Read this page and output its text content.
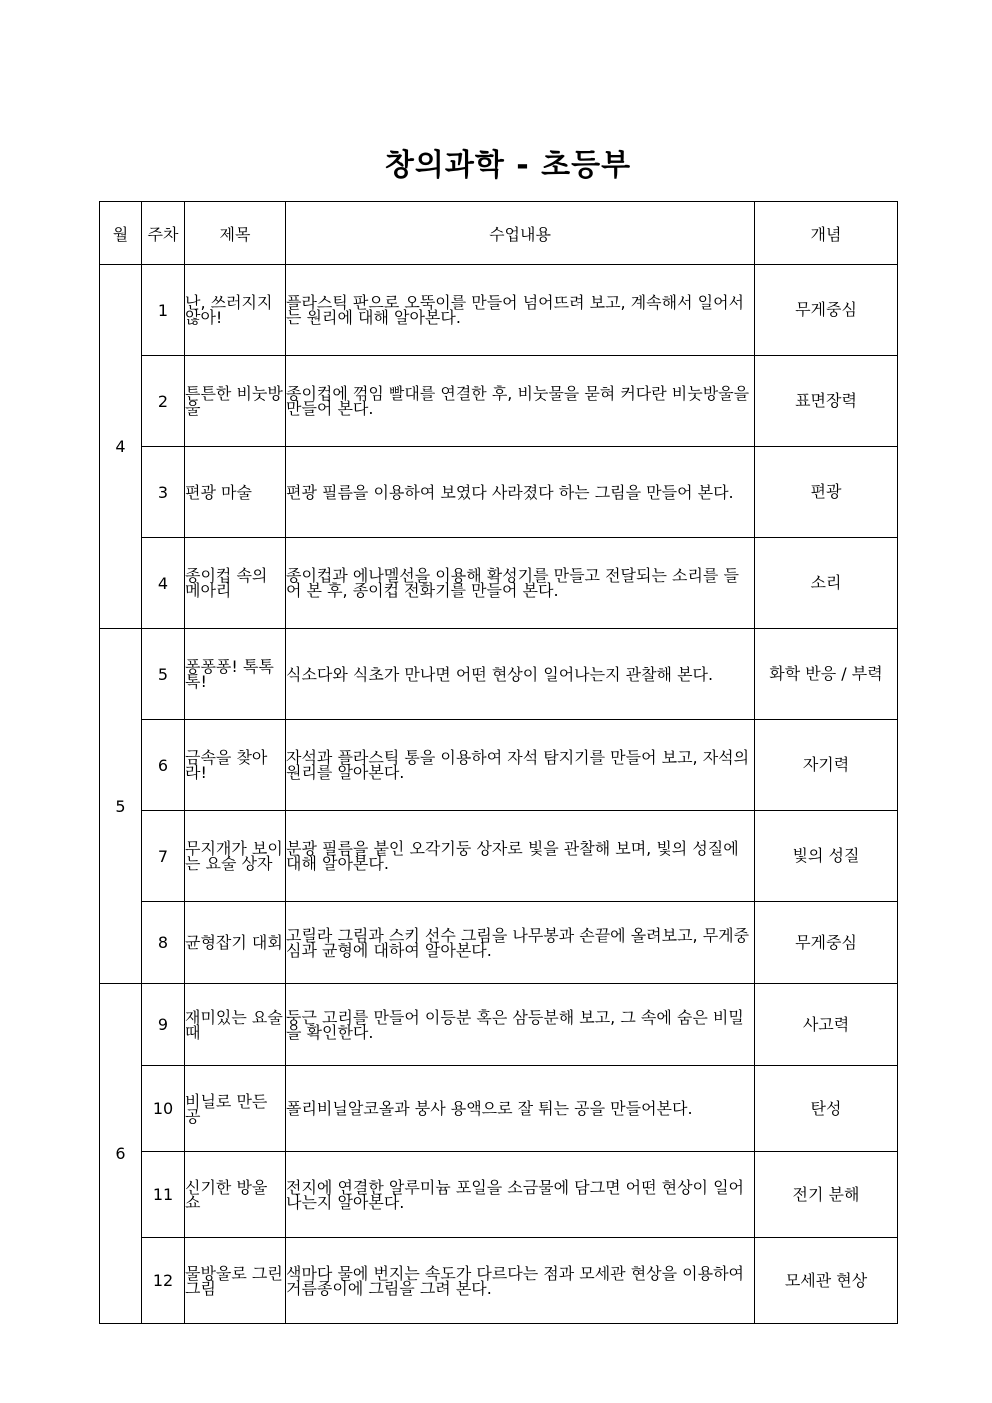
창의과학 - 초등부
월	주차	제목	수업내용	개념
4	1	난, 쓰러지지 않아!	플라스틱 판으로 오뚝이를 만들어 넘어뜨려 보고, 계속해서 일어서는 원리에 대해 알아본다.	무게중심
	2	튼튼한 비눗방울	종이컵에 꺾임 빨대를 연결한 후, 비눗물을 묻혀 커다란 비눗방울을 만들어 본다.	표면장력
	3	편광 마술	편광 필름을 이용하여 보였다 사라졌다 하는 그림을 만들어 본다.	편광
	4	종이컵 속의 메아리	종이컵과 에나멜선을 이용해 확성기를 만들고 전달되는 소리를 들어 본 후, 종이컵 전화기를 만들어 본다.	소리
5	5	퐁퐁퐁! 톡톡톡!	식소다와 식초가 만나면 어떤 현상이 일어나는지 관찰해 본다.	화학 반응 / 부력
	6	금속을 찾아라!	자석과 플라스틱 통을 이용하여 자석 탐지기를 만들어 보고, 자석의 원리를 알아본다.	자기력
	7	무지개가 보이는 요술 상자	분광 필름을 붙인 오각기둥 상자로 빛을 관찰해 보며, 빛의 성질에 대해 알아본다.	빛의 성질
	8	균형잡기 대회	고릴라 그림과 스키 선수 그림을 나무봉과 손끝에 올려보고, 무게중심과 균형에 대하여 알아본다.	무게중심
6	9	재미있는 요술 때	둥근 고리를 만들어 이등분 혹은 삼등분해 보고, 그 속에 숨은 비밀을 확인한다.	사고력
	10	비닐로 만든 공	폴리비닐알코올과 붕사 용액으로 잘 튀는 공을 만들어본다.	탄성
	11	신기한 방울 쇼	전지에 연결한 알루미늄 포일을 소금물에 담그면 어떤 현상이 일어나는지 알아본다.	전기 분해
	12	물방울로 그린 그림	색마다 물에 번지는 속도가 다르다는 점과 모세관 현상을 이용하여 거름종이에 그림을 그려 본다.	모세관 현상
